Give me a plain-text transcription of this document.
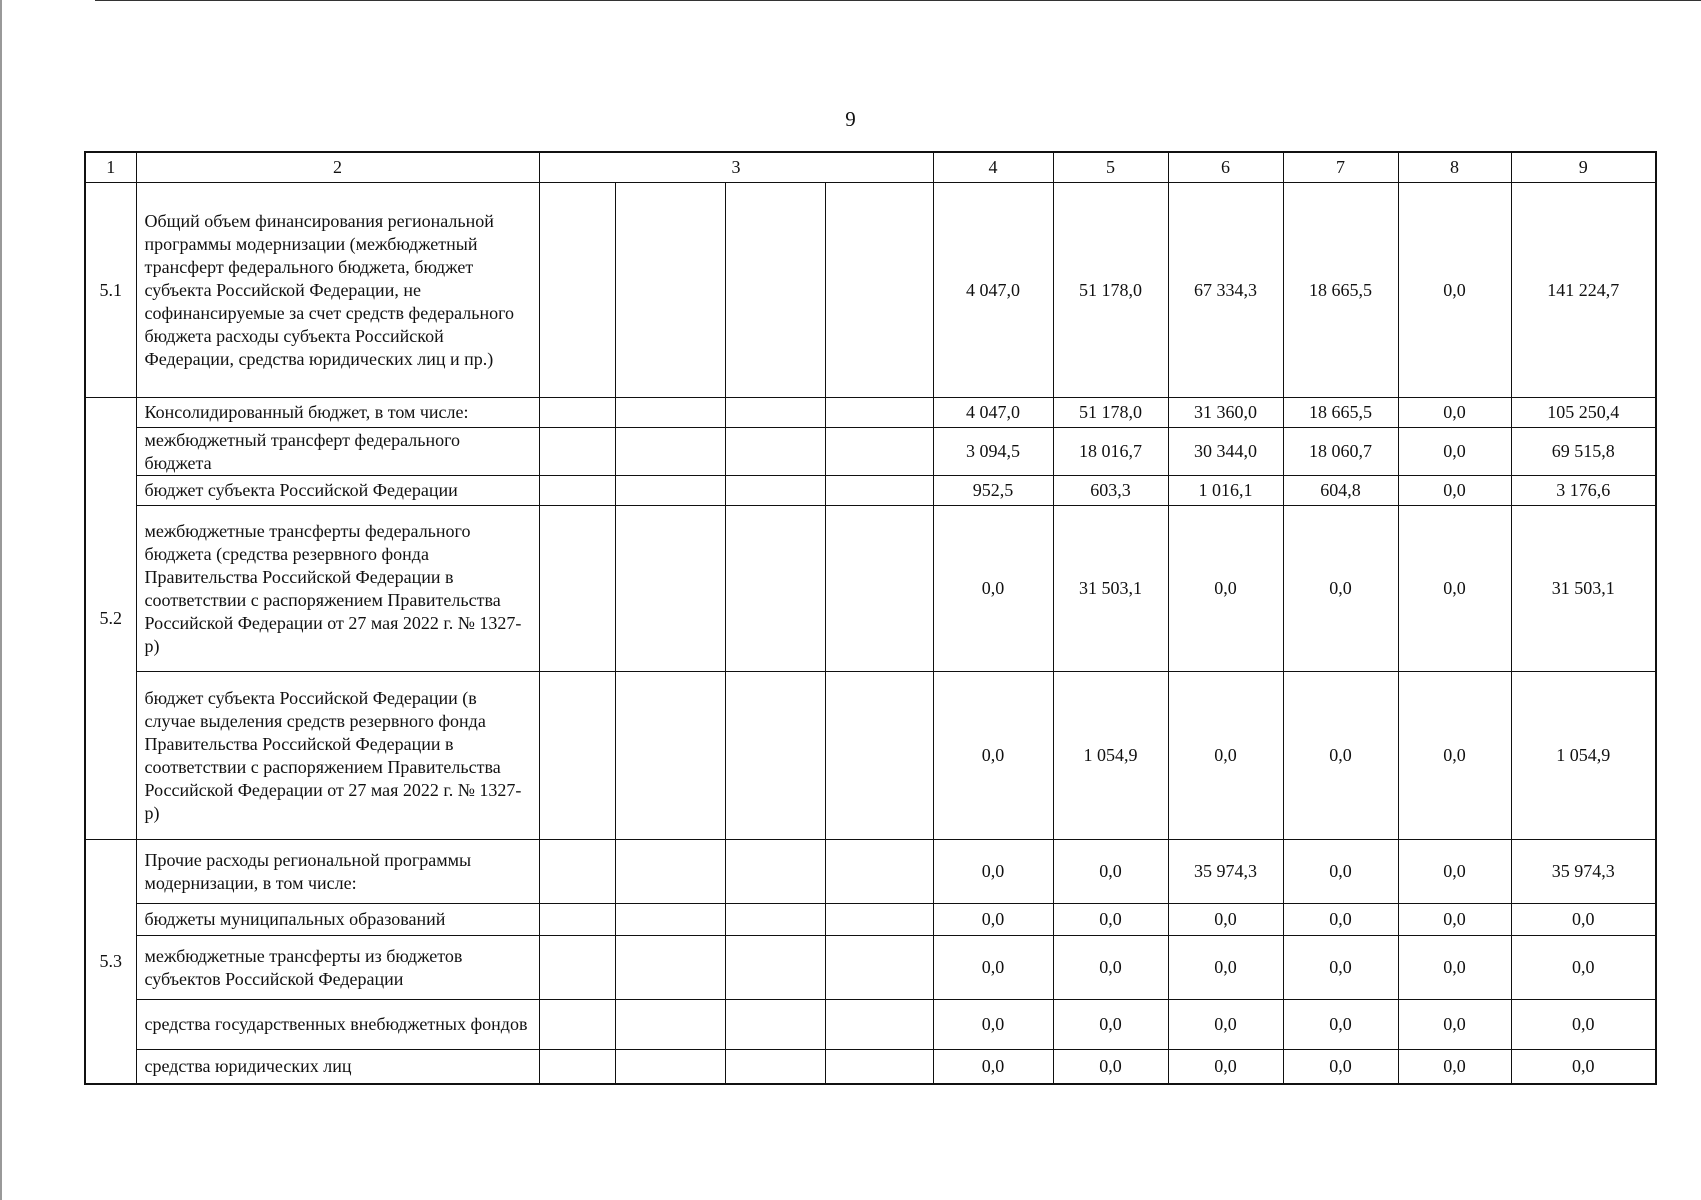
9
1	2	3				4	5	6	7	8	9
5.1	Общий объем финансирования региональной программы модернизации (межбюджетный трансферт федерального бюджета, бюджет субъекта Российской Федерации, не софинансируемые за счет средств федерального бюджета расходы субъекта Российской Федерации, средства юридических лиц и пр.)					4 047,0	51 178,0	67 334,3	18 665,5	0,0	141 224,7
5.2	Консолидированный бюджет, в том числе:					4 047,0	51 178,0	31 360,0	18 665,5	0,0	105 250,4
	межбюджетный трансферт федерального бюджета					3 094,5	18 016,7	30 344,0	18 060,7	0,0	69 515,8
	бюджет субъекта Российской Федерации					952,5	603,3	1 016,1	604,8	0,0	3 176,6
	межбюджетные трансферты федерального бюджета (средства резервного фонда Правительства Российской Федерации в соответствии с распоряжением Правительства Российской Федерации от 27 мая 2022 г. № 1327-р)					0,0	31 503,1	0,0	0,0	0,0	31 503,1
	бюджет субъекта Российской Федерации (в случае выделения средств резервного фонда Правительства Российской Федерации в соответствии с распоряжением Правительства Российской Федерации от 27 мая 2022 г. № 1327-р)					0,0	1 054,9	0,0	0,0	0,0	1 054,9
5.3	Прочие расходы региональной программы модернизации, в том числе:					0,0	0,0	35 974,3	0,0	0,0	35 974,3
	бюджеты муниципальных образований					0,0	0,0	0,0	0,0	0,0	0,0
	межбюджетные трансферты из бюджетов субъектов Российской Федерации					0,0	0,0	0,0	0,0	0,0	0,0
	средства государственных внебюджетных фондов					0,0	0,0	0,0	0,0	0,0	0,0
	средства юридических лиц					0,0	0,0	0,0	0,0	0,0	0,0
